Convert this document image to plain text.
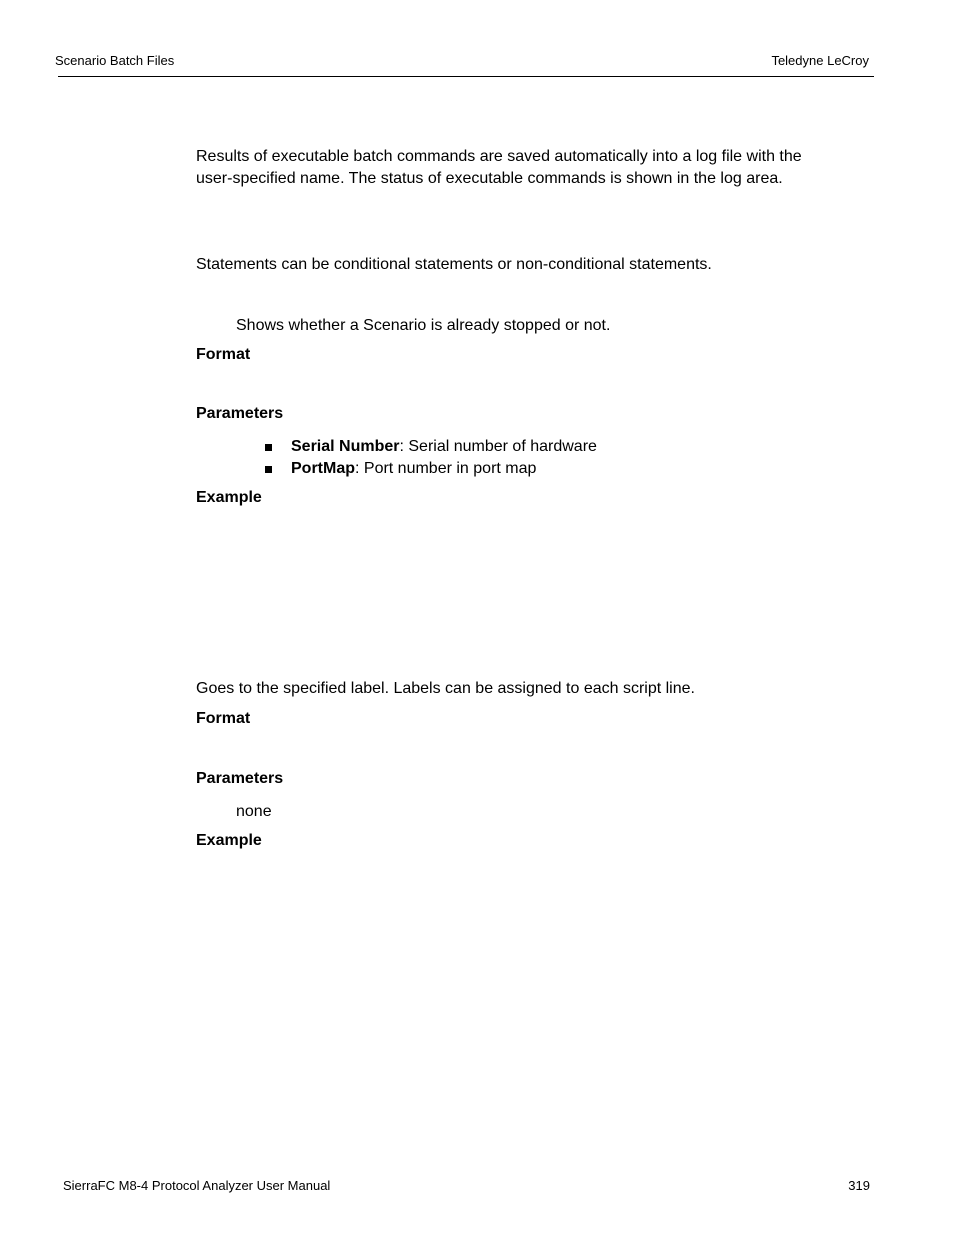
Scenario Batch Files	Teledyne LeCroy
Results of executable batch commands are saved automatically into a log file with the
user-specified name. The status of executable commands is shown in the log area.
Statements can be conditional statements or non-conditional statements.
Shows whether a Scenario is already stopped or not.
Format
Parameters
Serial Number: Serial number of hardware
PortMap: Port number in port map
Example
Goes to the specified label. Labels can be assigned to each script line.
Format
Parameters
none
Example
SierraFC M8-4 Protocol Analyzer User Manual	319
